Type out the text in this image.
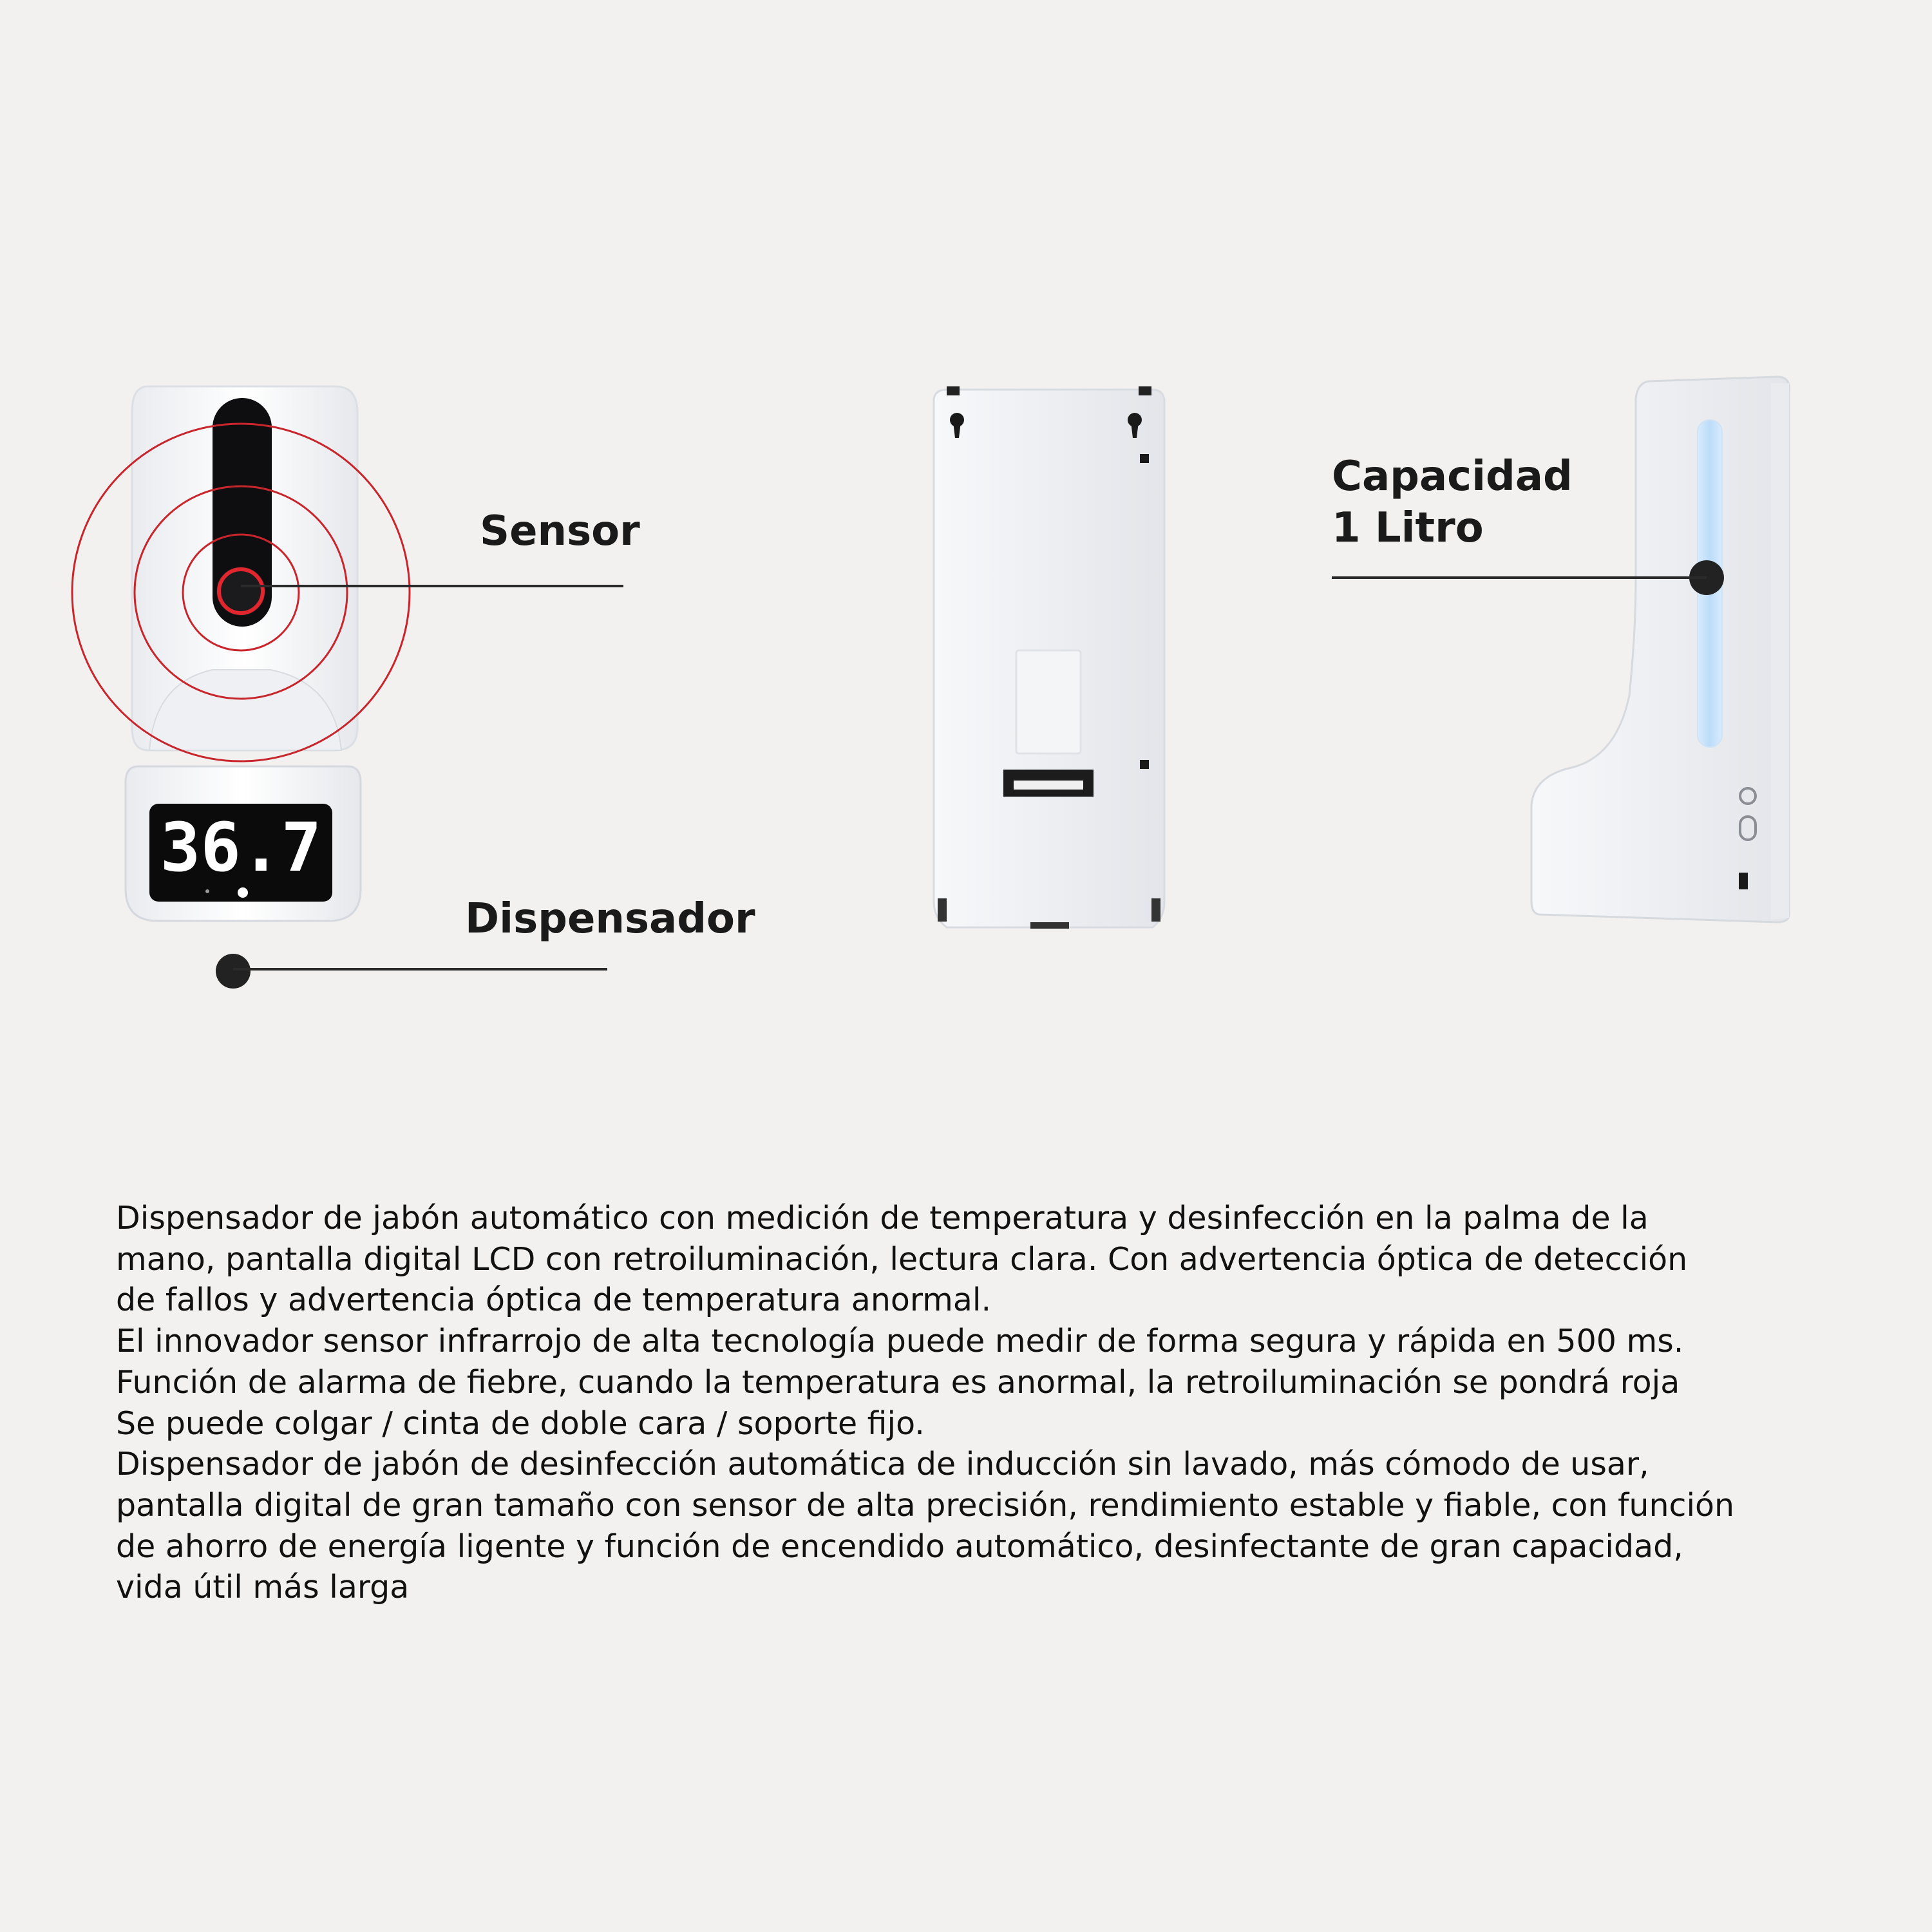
36.7
Sensor
Dispensador
Capacidad
1 Litro

Dispensador de jabón automático con medición de temperatura y desinfección en la palma de la

mano, pantalla digital LCD con retroiluminación, lectura clara. Con advertencia óptica de detección

de fallos y advertencia óptica de temperatura anormal.

El innovador sensor infrarrojo de alta tecnología puede medir de forma segura y rápida en 500 ms.

Función de alarma de fiebre, cuando la temperatura es anormal, la retroiluminación se pondrá roja

Se puede colgar / cinta de doble cara / soporte fijo.

Dispensador de jabón de desinfección automática de inducción sin lavado, más cómodo de usar,

pantalla digital de gran tamaño con sensor de alta precisión, rendimiento estable y fiable, con función

de ahorro de energía ligente y función de encendido automático, desinfectante de gran capacidad,

vida útil más larga
